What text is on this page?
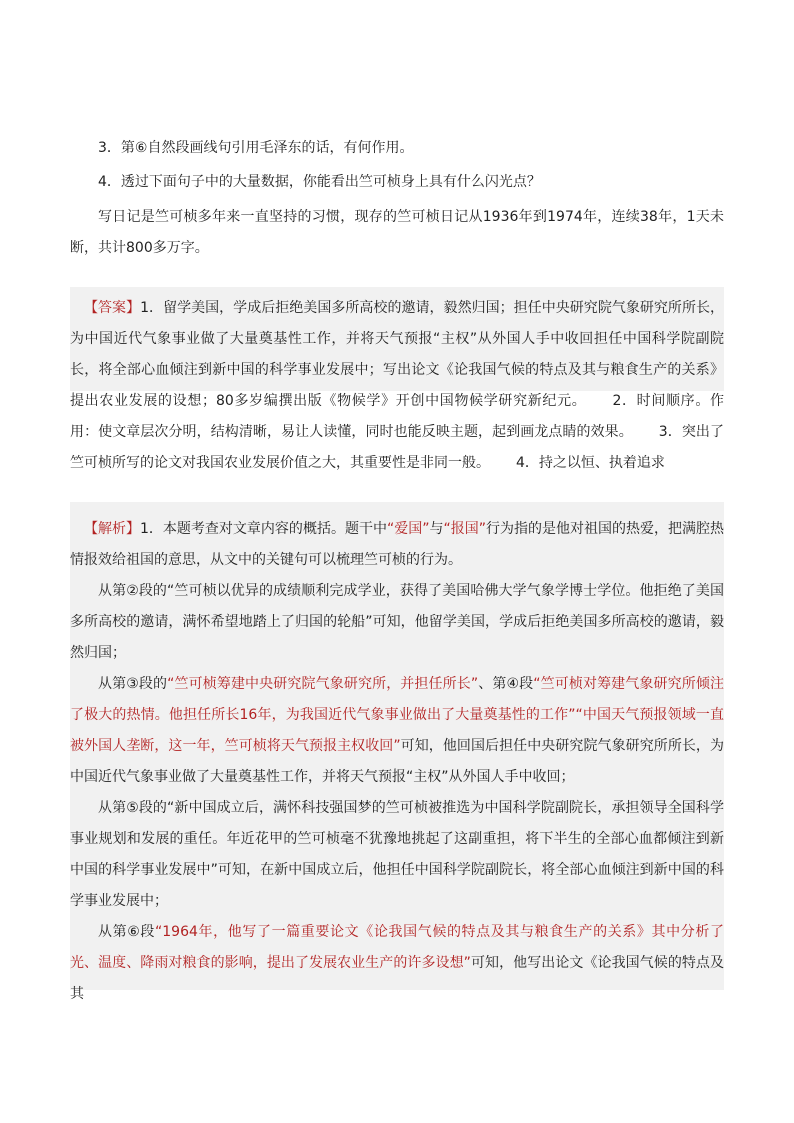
3．第⑥自然段画线句引用毛泽东的话，有何作用。

4．透过下面句子中的大量数据，你能看出竺可桢身上具有什么闪光点？

写日记是竺可桢多年来一直坚持的习惯，现存的竺可桢日记从1936年到1974年，连续38年，1天未断，共计800多万字。

【答案】1．留学美国，学成后拒绝美国多所高校的邀请，毅然归国；担任中央研究院气象研究所所长，为中国近代气象事业做了大量奠基性工作，并将天气预报“主权”从外国人手中收回担任中国科学院副院长，将全部心血倾注到新中国的科学事业发展中；写出论文《论我国气候的特点及其与粮食生产的关系》提出农业发展的设想；80多岁编撰出版《物候学》开创中国物候学研究新纪元。 2．时间顺序。作用：使文章层次分明，结构清晰，易让人读懂，同时也能反映主题，起到画龙点睛的效果。 3．突出了竺可桢所写的论文对我国农业发展价值之大，其重要性是非同一般。 4．持之以恒、执着追求

【解析】1．本题考查对文章内容的概括。题干中“爱国”与“报国”行为指的是他对祖国的热爱，把满腔热情报效给祖国的意思，从文中的关键句可以梳理竺可桢的行为。

从第②段的“竺可桢以优异的成绩顺利完成学业，获得了美国哈佛大学气象学博士学位。他拒绝了美国多所高校的邀请，满怀希望地踏上了归国的轮船”可知，他留学美国，学成后拒绝美国多所高校的邀请，毅然归国；

从第③段的“竺可桢筹建中央研究院气象研究所，并担任所长”、第④段“竺可桢对筹建气象研究所倾注了极大的热情。他担任所长16年，为我国近代气象事业做出了大量奠基性的工作”“中国天气预报领域一直被外国人垄断，这一年，竺可桢将天气预报主权收回”可知，他回国后担任中央研究院气象研究所所长，为中国近代气象事业做了大量奠基性工作，并将天气预报“主权”从外国人手中收回；

从第⑤段的“新中国成立后，满怀科技强国梦的竺可桢被推选为中国科学院副院长，承担领导全国科学事业规划和发展的重任。年近花甲的竺可桢毫不犹豫地挑起了这副重担，将下半生的全部心血都倾注到新中国的科学事业发展中”可知，在新中国成立后，他担任中国科学院副院长，将全部心血倾注到新中国的科学事业发展中；

从第⑥段“1964年，他写了一篇重要论文《论我国气候的特点及其与粮食生产的关系》其中分析了光、温度、降雨对粮食的影响，提出了发展农业生产的许多设想”可知，他写出论文《论我国气候的特点及其
